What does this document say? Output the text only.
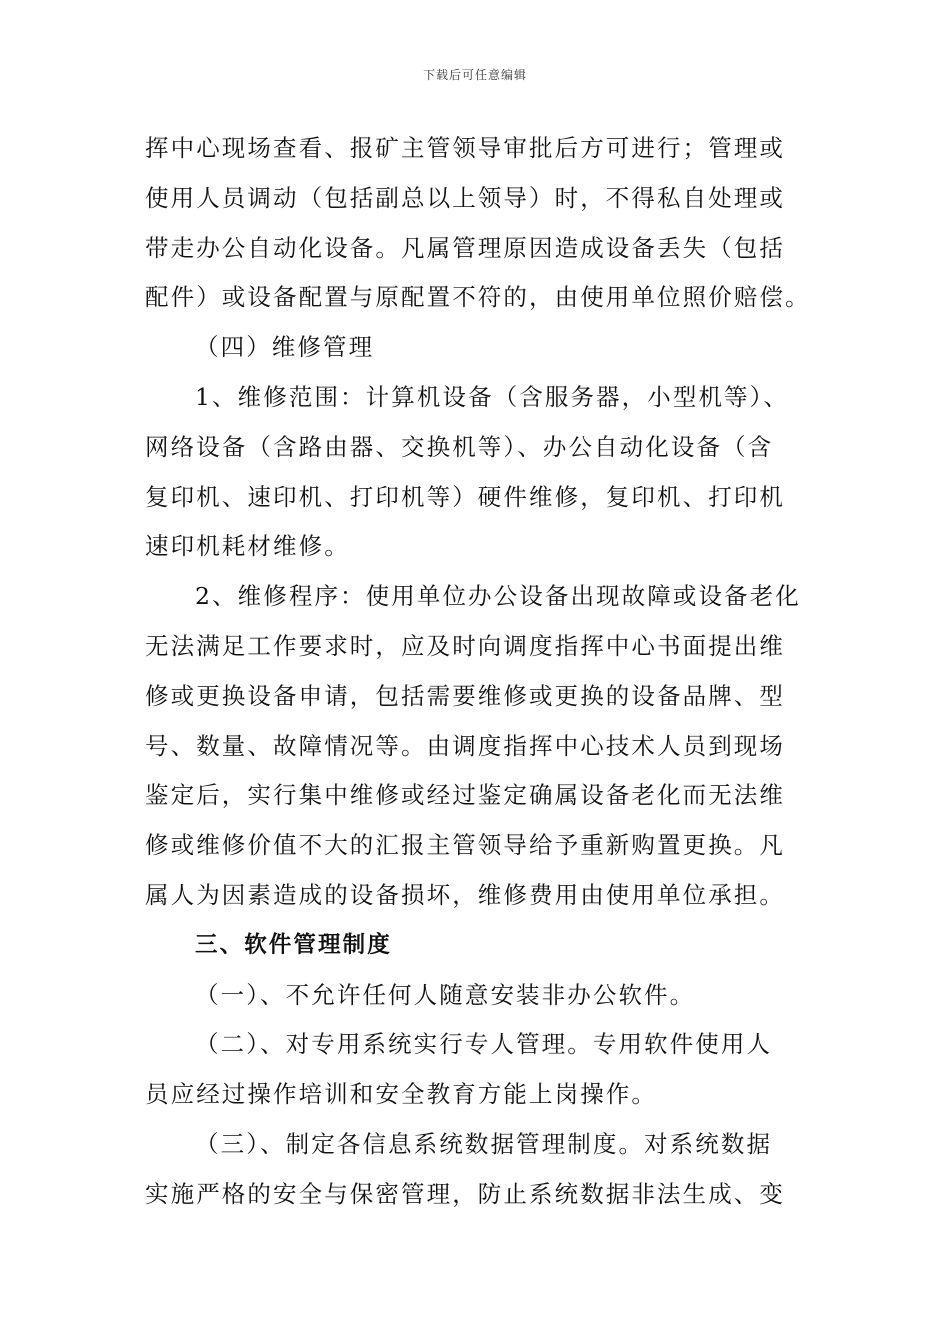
下载后可任意编辑

挥中心现场查看、报矿主管领导审批后方可进行；管理或

使用人员调动（包括副总以上领导）时，不得私自处理或

带走办公自动化设备。凡属管理原因造成设备丢失（包括

配件）或设备配置与原配置不符的，由使用单位照价赔偿。

（四）维修管理

1、维修范围：计算机设备（含服务器，小型机等）、

网络设备（含路由器、交换机等）、办公自动化设备（含

复印机、速印机、打印机等）硬件维修，复印机、打印机

速印机耗材维修。

2、维修程序：使用单位办公设备出现故障或设备老化

无法满足工作要求时，应及时向调度指挥中心书面提出维

修或更换设备申请，包括需要维修或更换的设备品牌、型

号、数量、故障情况等。由调度指挥中心技术人员到现场

鉴定后，实行集中维修或经过鉴定确属设备老化而无法维

修或维修价值不大的汇报主管领导给予重新购置更换。凡

属人为因素造成的设备损坏，维修费用由使用单位承担。

三、软件管理制度

（一）、不允许任何人随意安装非办公软件。

（二）、对专用系统实行专人管理。专用软件使用人

员应经过操作培训和安全教育方能上岗操作。

（三）、制定各信息系统数据管理制度。对系统数据

实施严格的安全与保密管理，防止系统数据非法生成、变
